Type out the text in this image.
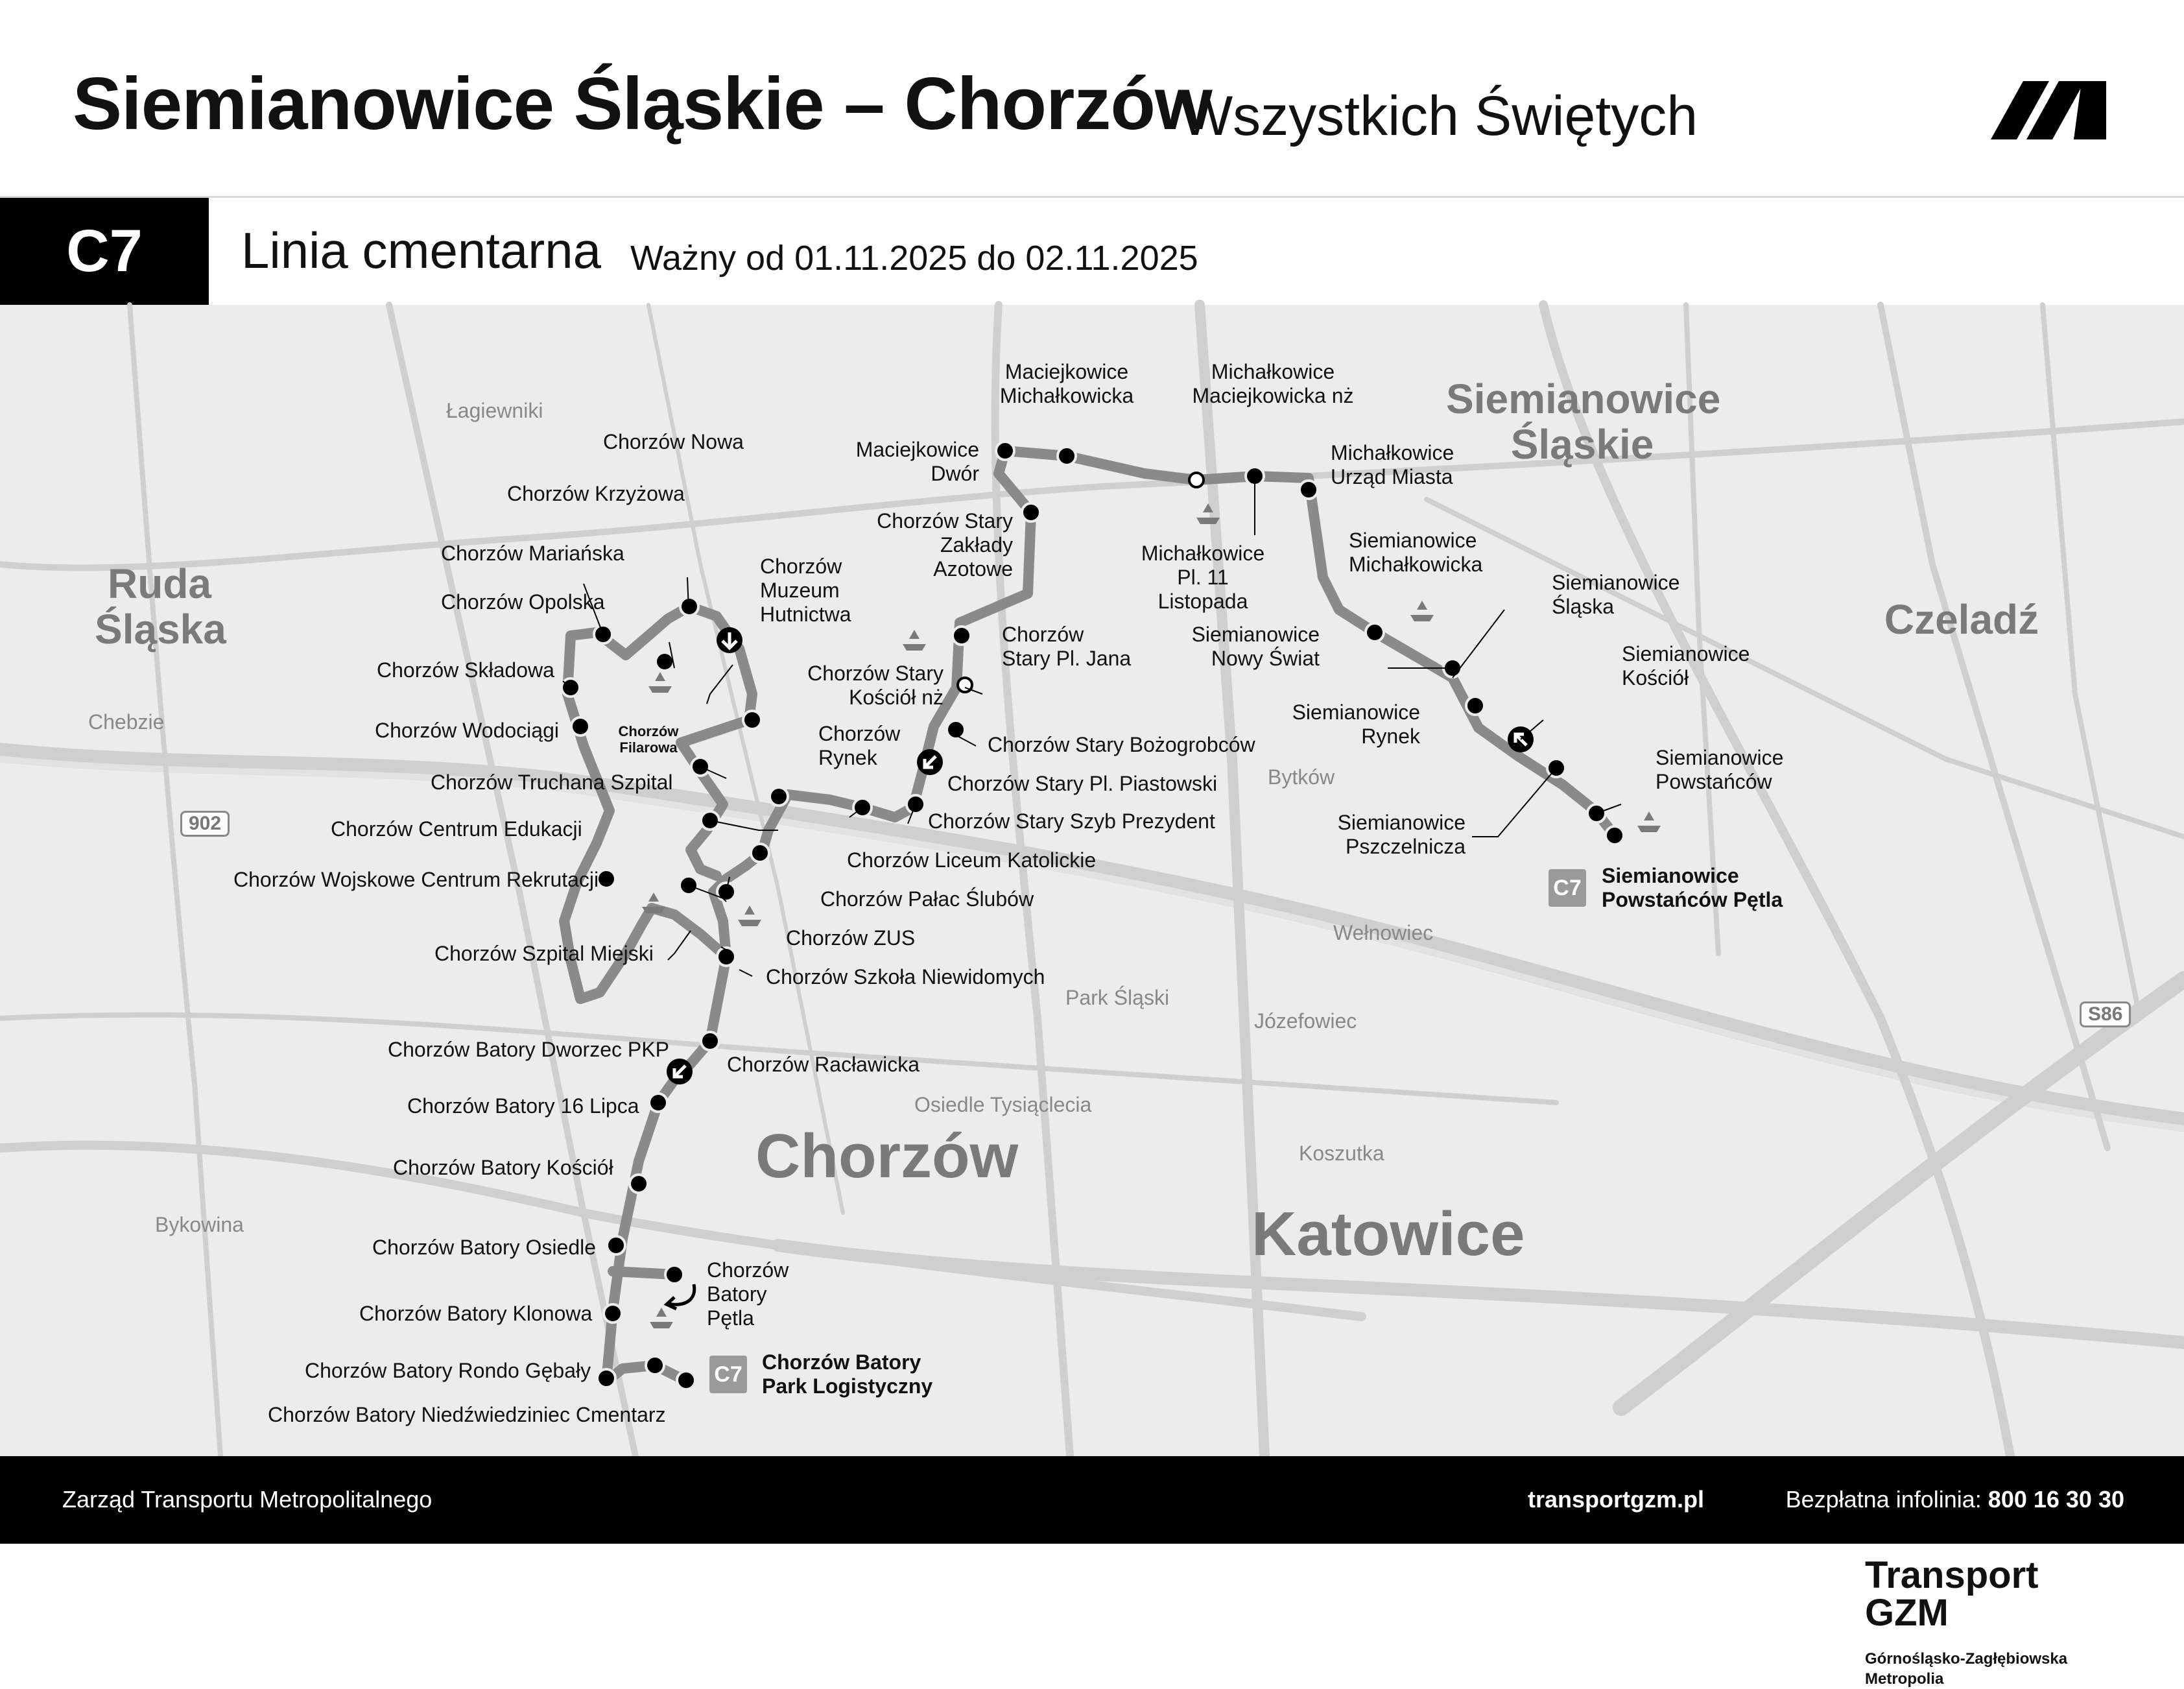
Siemianowice Śląskie – Chorzów
Wszystkich Świętych
C7	Linia cmentarna Ważny od 01.11.2025 do 02.11.2025
Łagiewniki
Chebzie
Bytków
Wełnowiec
Park Śląski
Józefowiec
Osiedle Tysiąclecia
Koszutka
Bykowina
Ruda Śląska
Siemianowice Śląskie
Czeladź
Chorzów
Katowice
902
S86
Maciejkowice Michałkowicka
Michałkowice Maciejkowicka nż
Michałkowice Urząd Miasta
Maciejkowice Dwór
Michałkowice Pl. 11 Listopada
Chorzów Stary Zakłady Azotowe
Siemianowice Michałkowicka
Siemianowice Śląska
Chorzów Stary Pl. Jana
Siemianowice Nowy Świat
Chorzów Stary Kościół nż
Siemianowice Kościół
Siemianowice Rynek
Siemianowice Powstańców
Siemianowice Pszczelnicza
Chorzów Stary Bożogrobców
Chorzów Stary Pl. Piastowski
Chorzów Stary Szyb Prezydent
Chorzów Liceum Katolickie
Chorzów Pałac Ślubów
Chorzów ZUS
Chorzów Szkoła Niewidomych
Chorzów Rynek
Chorzów Nowa
Chorzów Krzyżowa
Chorzów Mariańska
Chorzów Opolska
Chorzów Muzeum Hutnictwa
Chorzów Składowa
Chorzów Wodociągi	Chorzów Filarowa
Chorzów Truchana Szpital
Chorzów Centrum Edukacji
Chorzów Wojskowe Centrum Rekrutacji
Chorzów Szpital Miejski
Chorzów Batory Dworzec PKP
Chorzów Racławicka
Chorzów Batory 16 Lipca
Chorzów Batory Kościół
Chorzów Batory Osiedle
Chorzów Batory Pętla
Chorzów Batory Klonowa
Chorzów Batory Rondo Gębały
Chorzów Batory Niedźwiedziniec Cmentarz
C7 Siemianowice Powstańców Pętla
C7 Chorzów Batory Park Logistyczny
Transport GZM
Górnośląsko-Zagłębiowska Metropolia
Zarząd Transportu Metropolitalnego	transportgzm.pl	Bezpłatna infolinia: 800 16 30 30
